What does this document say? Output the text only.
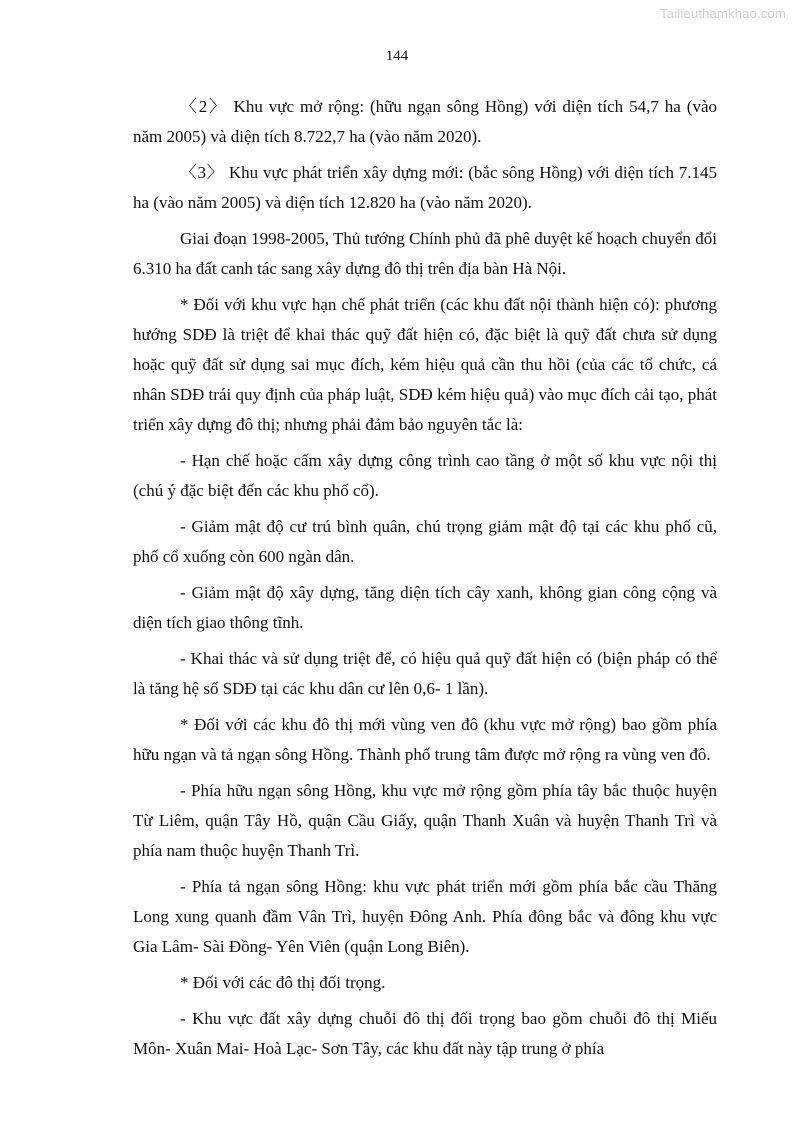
Tailieuthamkhao.com
144

〈2〉 Khu vực mở rộng: (hữu ngạn sông Hồng) với diện tích 54,7 ha (vào năm 2005) và diện tích 8.722,7 ha (vào năm 2020).

〈3〉 Khu vực phát triển xây dựng mới: (bắc sông Hồng) với diện tích 7.145 ha (vào năm 2005) và diện tích 12.820 ha (vào năm 2020).

Giai đoạn 1998-2005, Thủ tướng Chính phủ đã phê duyệt kế hoạch chuyển đổi 6.310 ha đất canh tác sang xây dựng đô thị trên địa bàn Hà Nội.

* Đối với khu vực hạn chế phát triển (các khu đất nội thành hiện có): phương hướng SDĐ là triệt để khai thác quỹ đất hiện có, đặc biệt là quỹ đất chưa sử dụng hoặc quỹ đất sử dụng sai mục đích, kém hiệu quả cần thu hồi (của các tổ chức, cá nhân SDĐ trái quy định của pháp luật, SDĐ kém hiệu quả) vào mục đích cải tạo, phát triển xây dựng đô thị; nhưng phải đảm bảo nguyên tắc là:

- Hạn chế hoặc cấm xây dựng công trình cao tầng ở một số khu vực nội thị (chú ý đặc biệt đến các khu phố cổ).

- Giảm mật độ cư trú bình quân, chú trọng giảm mật độ tại các khu phố cũ, phố cổ xuống còn 600 ngàn dân.

- Giảm mật độ xây dựng, tăng diện tích cây xanh, không gian công cộng và diện tích giao thông tĩnh.

- Khai thác và sử dụng triệt để, có hiệu quả quỹ đất hiện có (biện pháp có thể là tăng hệ số SDĐ tại các khu dân cư lên 0,6- 1 lần).

* Đối với các khu đô thị mới vùng ven đô (khu vực mở rộng) bao gồm phía hữu ngạn và tả ngạn sông Hồng. Thành phố trung tâm được mở rộng ra vùng ven đô.

- Phía hữu ngạn sông Hồng, khu vực mở rộng gồm phía tây bắc thuộc huyện Từ Liêm, quận Tây Hồ, quận Cầu Giấy, quận Thanh Xuân và huyện Thanh Trì và phía nam thuộc huyện Thanh Trì.

- Phía tả ngạn sông Hồng: khu vực phát triển mới gồm phía bắc cầu Thăng Long xung quanh đầm Vân Trì, huyện Đông Anh. Phía đông bắc và đông khu vực Gia Lâm- Sài Đồng- Yên Viên (quận Long Biên).

* Đối với các đô thị đối trọng.

- Khu vực đất xây dựng chuỗi đô thị đối trọng bao gồm chuỗi đô thị Miếu Môn- Xuân Mai- Hoà Lạc- Sơn Tây, các khu đất này tập trung ở phía
